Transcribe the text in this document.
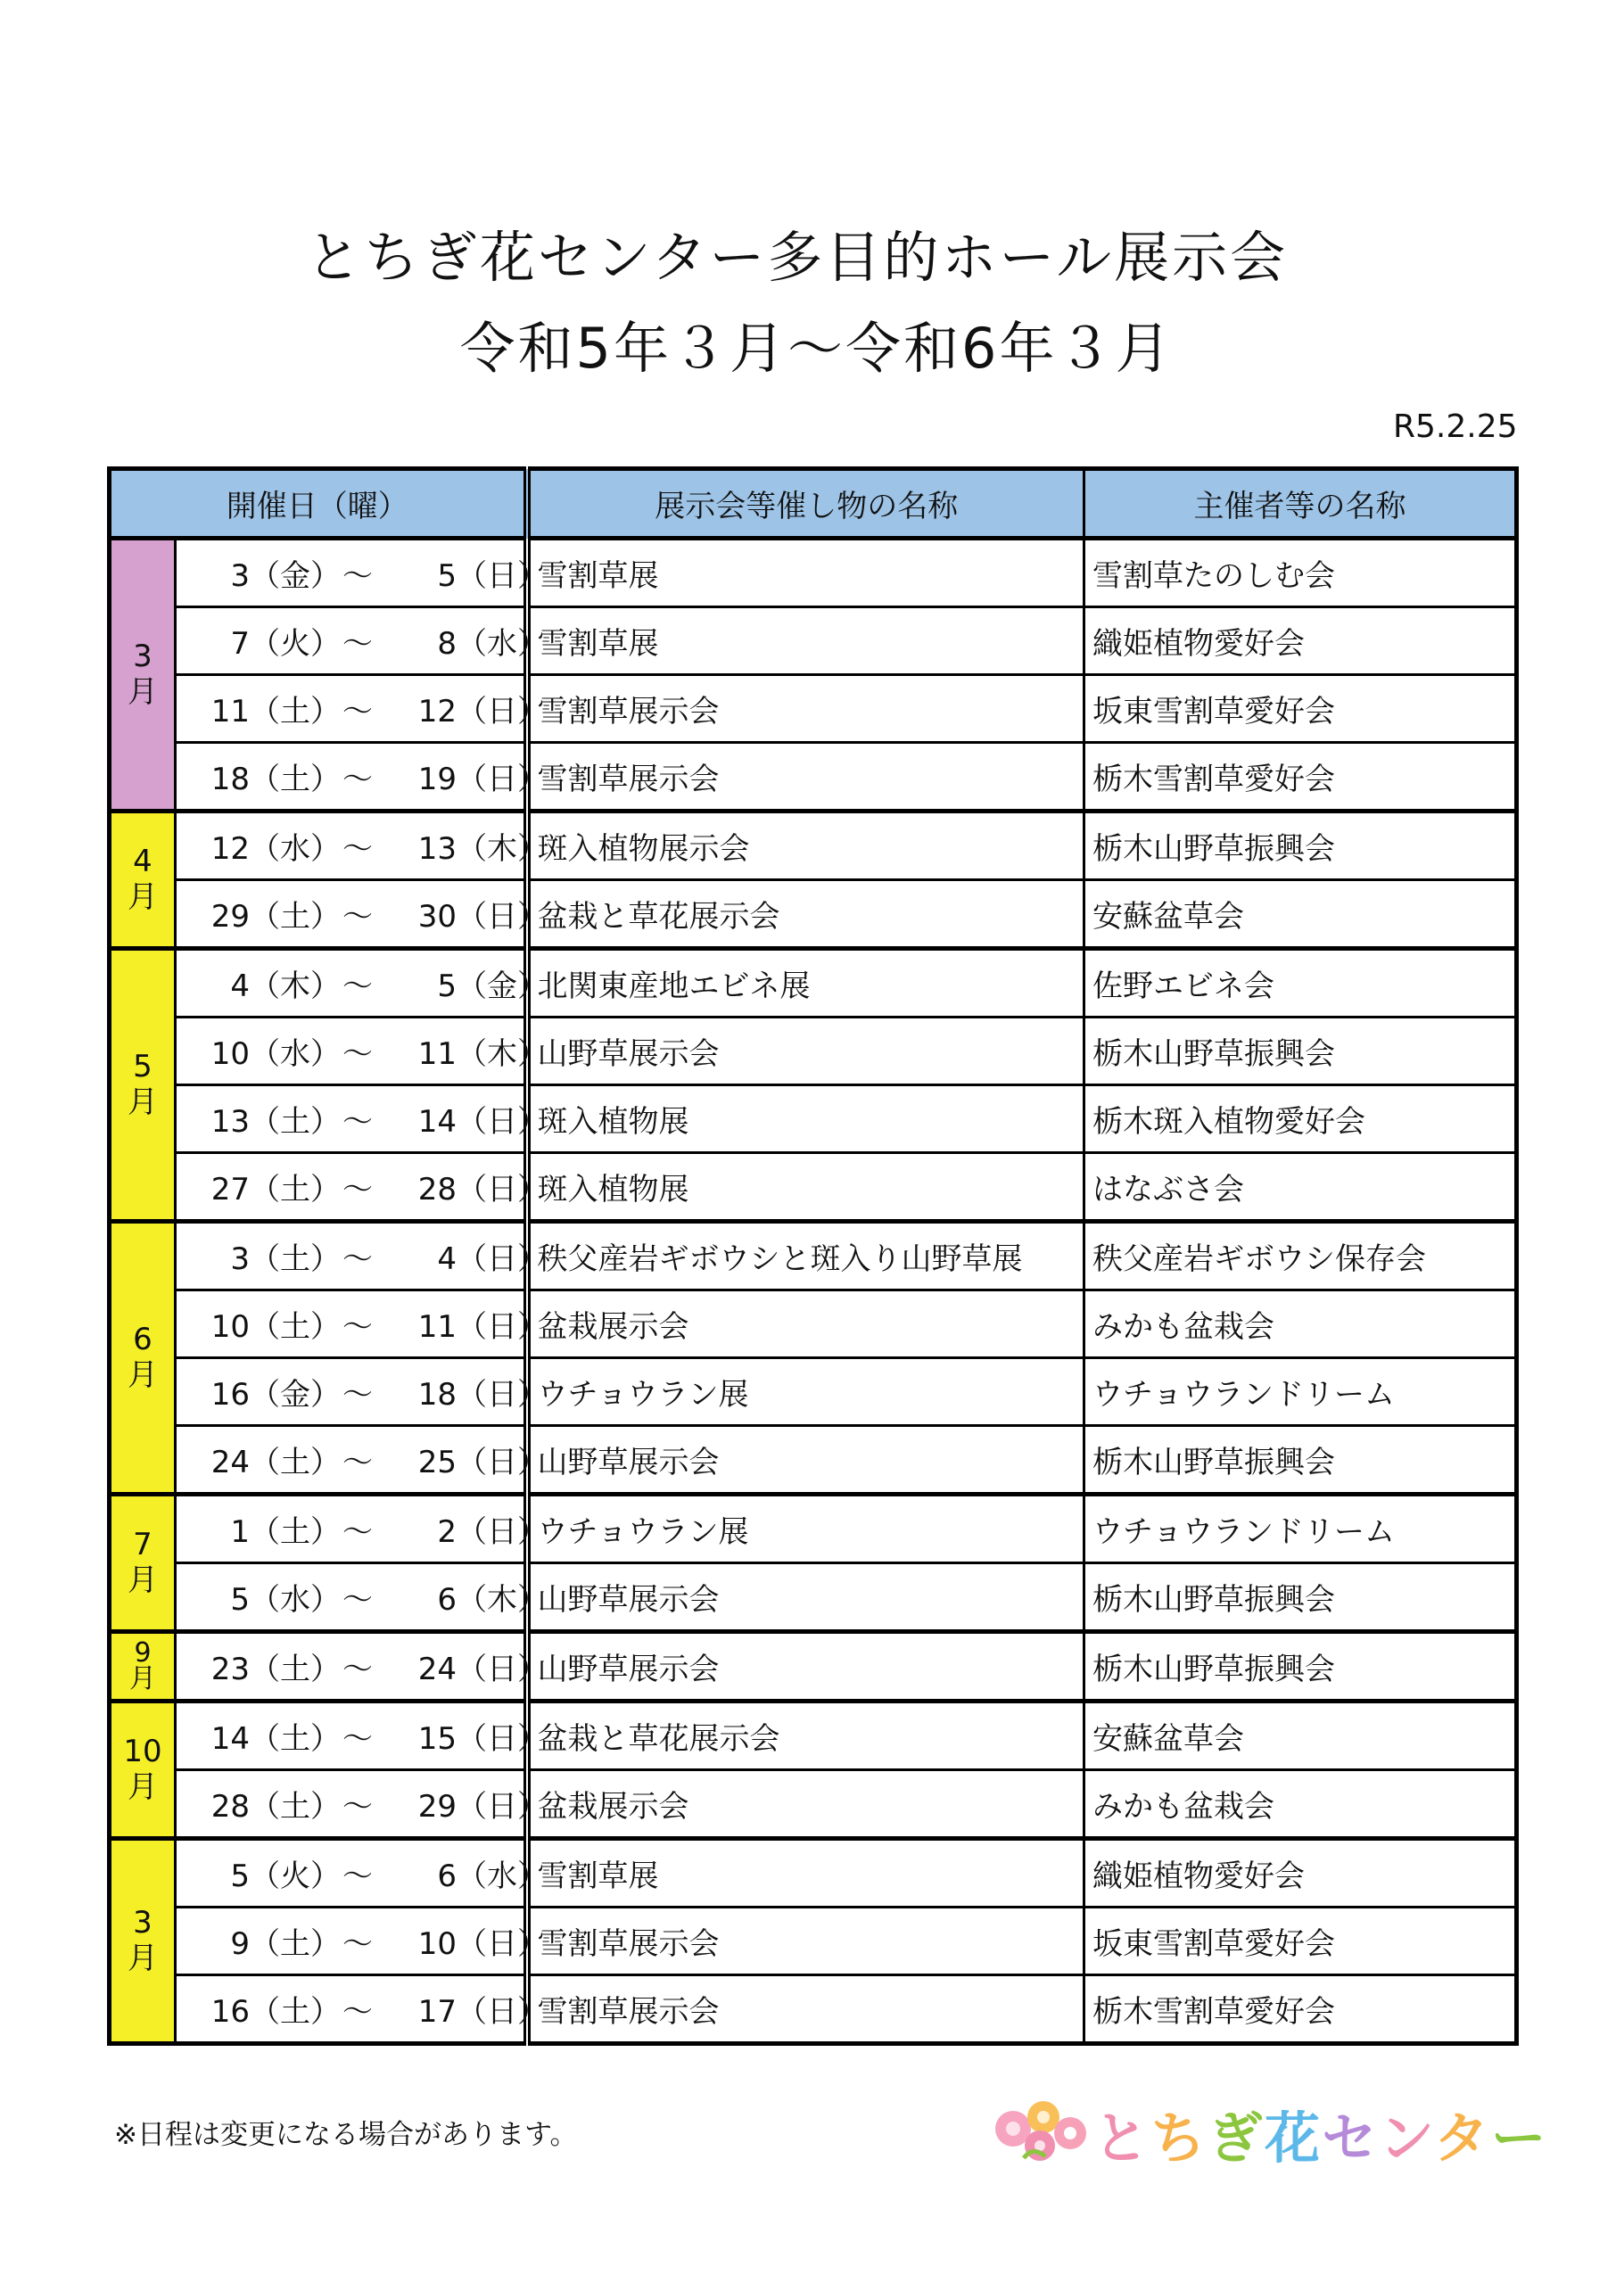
とちぎ花センター多目的ホール展示会
令和5年３月～令和6年３月
R5.2.25
開催日（曜）		展示会等催し物の名称	主催者等の名称

3
月	3（金）～ 5（日）	雪割草展	雪割草たのしむ会
	7（火）～ 8（水）	雪割草展	織姫植物愛好会
	11（土）～ 12（日）	雪割草展示会	坂東雪割草愛好会
	18（土）～ 19（日）	雪割草展示会	栃木雪割草愛好会

4
月	12（水）～ 13（木）	斑入植物展示会	栃木山野草振興会
	29（土）～ 30（日）	盆栽と草花展示会	安蘇盆草会

5
月	4（木）～ 5（金）	北関東産地エビネ展	佐野エビネ会
	10（水）～ 11（木）	山野草展示会	栃木山野草振興会
	13（土）～ 14（日）	斑入植物展	栃木斑入植物愛好会
	27（土）～ 28（日）	斑入植物展	はなぶさ会

6
月	3（土）～ 4（日）	秩父産岩ギボウシと斑入り山野草展	秩父産岩ギボウシ保存会
	10（土）～ 11（日）	盆栽展示会	みかも盆栽会
	16（金）～ 18（日）	ウチョウラン展	ウチョウランドリーム
	24（土）～ 25（日）	山野草展示会	栃木山野草振興会

7
月	1（土）～ 2（日）	ウチョウラン展	ウチョウランドリーム
	5（水）～ 6（木）	山野草展示会	栃木山野草振興会

9
月	23（土）～ 24（日）	山野草展示会	栃木山野草振興会

10
月	14（土）～ 15（日）	盆栽と草花展示会	安蘇盆草会
	28（土）～ 29（日）	盆栽展示会	みかも盆栽会

3
月	5（火）～ 6（水）	雪割草展	織姫植物愛好会
	9（土）～ 10（日）	雪割草展示会	坂東雪割草愛好会
	16（土）～ 17（日）	雪割草展示会	栃木雪割草愛好会
※日程は変更になる場合があります。	とちぎ花センター
